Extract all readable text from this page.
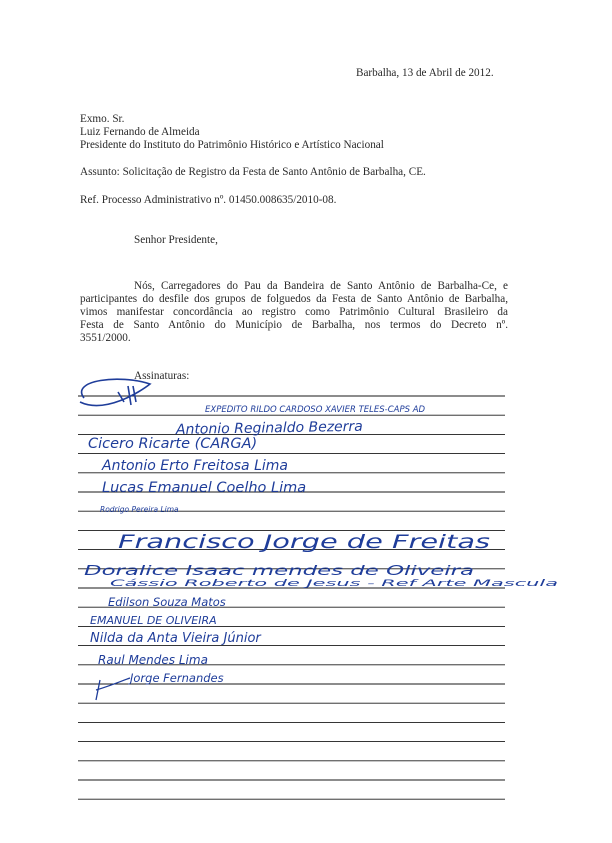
Barbalha, 13 de Abril de 2012.
Exmo. Sr.
Luiz Fernando de Almeida
Presidente do Instituto do Patrimônio Histórico e Artístico Nacional
Assunto: Solicitação de Registro da Festa de Santo Antônio de Barbalha, CE.
Ref. Processo Administrativo nº. 01450.008635/2010-08.
Senhor Presidente,
Nós, Carregadores do Pau da Bandeira de Santo Antônio de Barbalha-Ce, e
participantes do desfile dos grupos de folguedos da Festa de Santo Antônio de Barbalha,
vimos manifestar concordância ao registro como Patrimônio Cultural Brasileiro da
Festa de Santo Antônio do Município de Barbalha, nos termos do Decreto nº.
3551/2000.
Assinaturas:
EXPEDITO RILDO CARDOSO XAVIER TELES-CAPS AD
Antonio Reginaldo Bezerra
Cicero Ricarte (CARGA)
Antonio Erto Freitosa Lima
Lucas Emanuel Coelho Lima
Rodrigo Pereira Lima
Francisco Jorge de Freitas
Doralice Isaac mendes de Oliveira
Cássio Roberto de Jesus - Ref Arte Mascula
Edilson Souza Matos
EMANUEL DE OLIVEIRA
Nilda da Anta Vieira Júnior
Raul Mendes Lima
Jorge Fernandes
